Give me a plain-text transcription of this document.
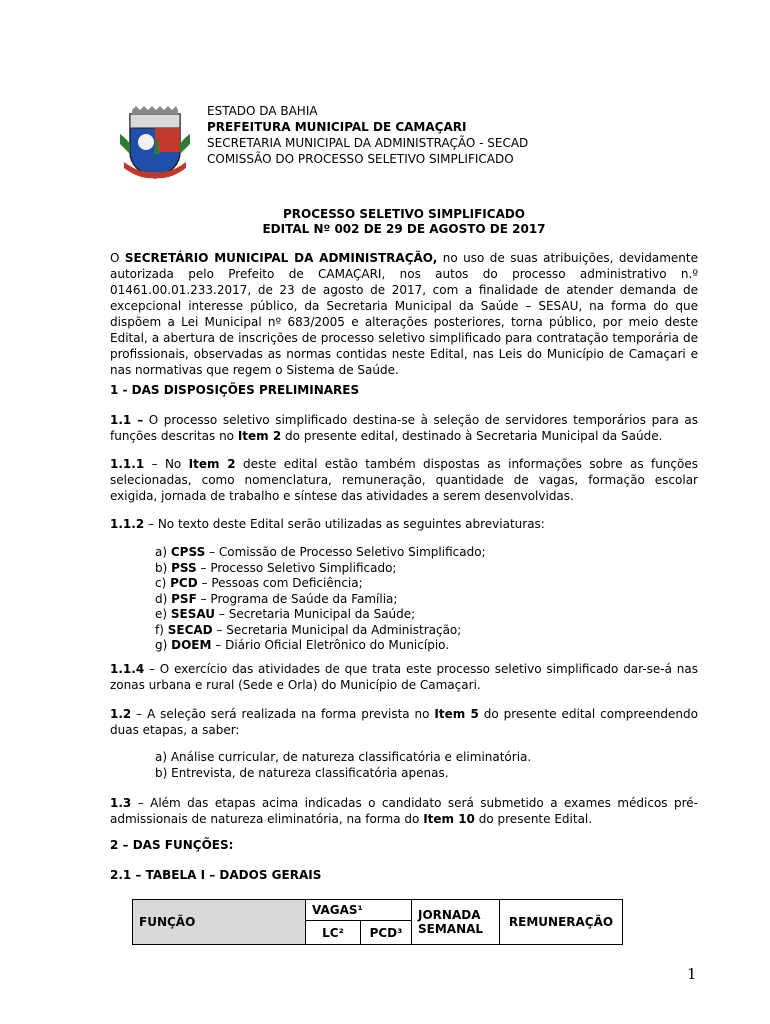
ESTADO DA BAHIA
PREFEITURA MUNICIPAL DE CAMAÇARI
SECRETARIA MUNICIPAL DA ADMINISTRAÇÃO - SECAD
COMISSÃO DO PROCESSO SELETIVO SIMPLIFICADO
PROCESSO SELETIVO SIMPLIFICADO
EDITAL Nº 002 DE 29 DE AGOSTO DE 2017
O SECRETÁRIO MUNICIPAL DA ADMINISTRAÇÃO, no uso de suas atribuições, devidamente autorizada pelo Prefeito de CAMAÇARI, nos autos do processo administrativo n.º 01461.00.01.233.2017, de 23 de agosto de 2017, com a finalidade de atender demanda de excepcional interesse público, da Secretaria Municipal da Saúde – SESAU, na forma do que dispõem a Lei Municipal nº 683/2005 e alterações posteriores, torna público, por meio deste Edital, a abertura de inscrições de processo seletivo simplificado para contratação temporária de profissionais, observadas as normas contidas neste Edital, nas Leis do Município de Camaçari e nas normativas que regem o Sistema de Saúde.
1 - DAS DISPOSIÇÕES PRELIMINARES
1.1 – O processo seletivo simplificado destina-se à seleção de servidores temporários para as funções descritas no Item 2 do presente edital, destinado à Secretaria Municipal da Saúde.
1.1.1 – No Item 2 deste edital estão também dispostas as informações sobre as funções selecionadas, como nomenclatura, remuneração, quantidade de vagas, formação escolar exigida, jornada de trabalho e síntese das atividades a serem desenvolvidas.
1.1.2 – No texto deste Edital serão utilizadas as seguintes abreviaturas:
a) CPSS – Comissão de Processo Seletivo Simplificado;
b) PSS – Processo Seletivo Simplificado;
c) PCD – Pessoas com Deficiência;
d) PSF – Programa de Saúde da Família;
e) SESAU – Secretaria Municipal da Saúde;
f) SECAD – Secretaria Municipal da Administração;
g) DOEM – Diário Oficial Eletrônico do Município.
1.1.4 – O exercício das atividades de que trata este processo seletivo simplificado dar-se-á nas zonas urbana e rural (Sede e Orla) do Município de Camaçari.
1.2 – A seleção será realizada na forma prevista no Item 5 do presente edital compreendendo duas etapas, a saber:
a) Análise curricular, de natureza classificatória e eliminatória.
b) Entrevista, de natureza classificatória apenas.
1.3 – Além das etapas acima indicadas o candidato será submetido a exames médicos pré-admissionais de natureza eliminatória, na forma do Item 10 do presente Edital.
2 – DAS FUNÇÕES:
2.1 – TABELA I – DADOS GERAIS
FUNÇÃO	VAGAS¹		JORNADA SEMANAL	REMUNERAÇÃO
	LC²	PCD³		
1
